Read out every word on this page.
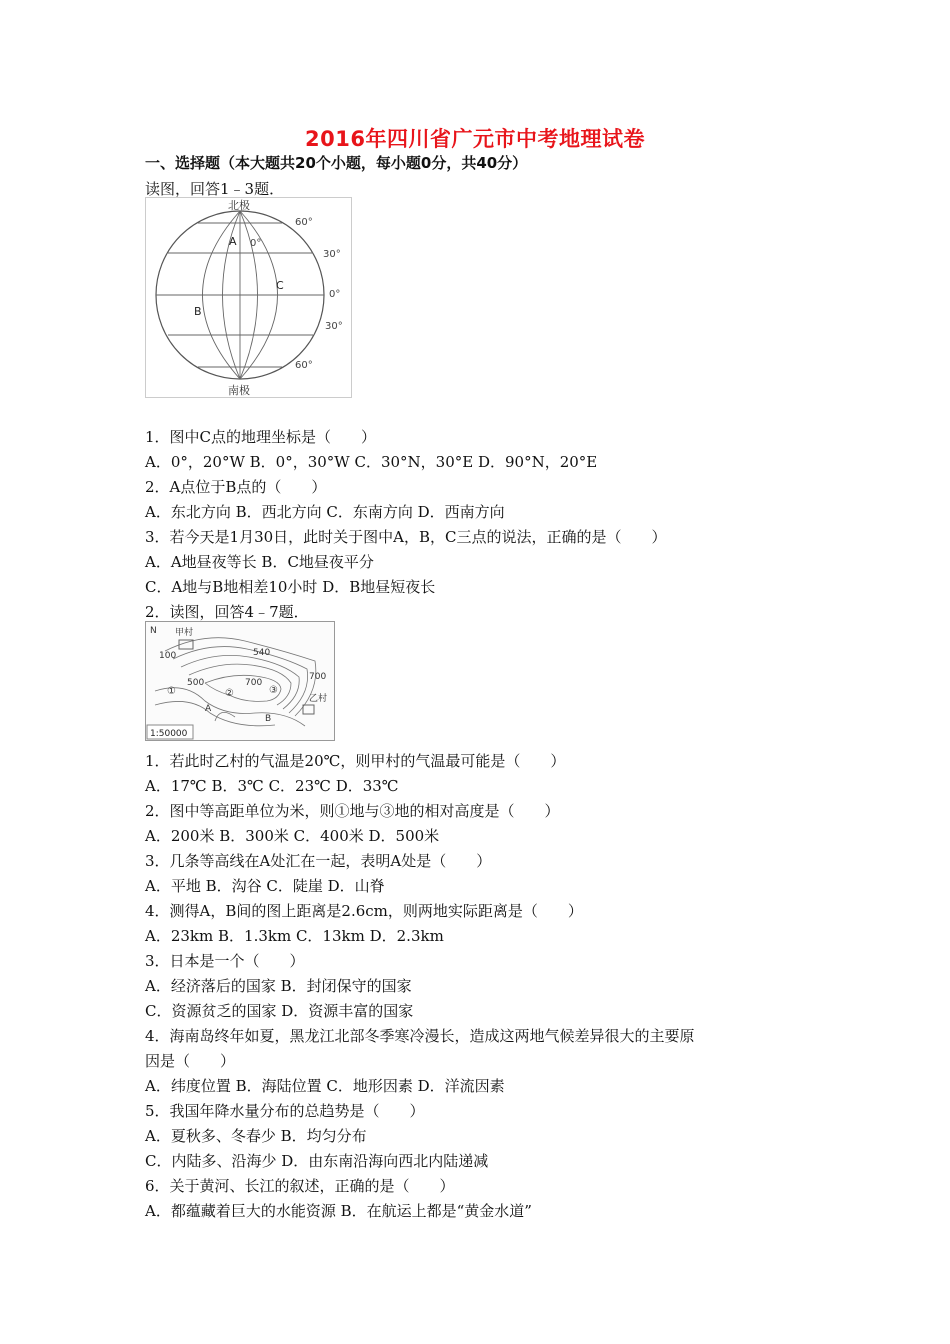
2016年四川省广元市中考地理试卷
一、选择题（本大题共20个小题，每小题0分，共40分）
读图，回答1﹣3题．
北极
南极
60°
30°
0°
30°
60°
0°
A
B
C
1．图中C点的地理坐标是（　　）
A．0°，20°W B．0°，30°W C．30°N，30°E D．90°N，20°E
2．A点位于B点的（　　）
A．东北方向 B．西北方向 C．东南方向 D．西南方向
3．若今天是1月30日，此时关于图中A，B，C三点的说法，正确的是（　　）
A．A地昼夜等长 B．C地昼夜平分
C．A地与B地相差10小时 D．B地昼短夜长
2．读图，回答4﹣7题．
N 甲村
乙村
100
500
540
700
700
①	②	③
A
B
1:50000
1．若此时乙村的气温是20℃，则甲村的气温最可能是（　　）
A．17℃ B．3℃ C．23℃ D．33℃
2．图中等高距单位为米，则①地与③地的相对高度是（　　）
A．200米 B．300米 C．400米 D．500米
3．几条等高线在A处汇在一起，表明A处是（　　）
A．平地 B．沟谷 C．陡崖 D．山脊
4．测得A，B间的图上距离是2.6cm，则两地实际距离是（　　）
A．23km B．1.3km C．13km D．2.3km
3．日本是一个（　　）
A．经济落后的国家 B．封闭保守的国家
C．资源贫乏的国家 D．资源丰富的国家
4．海南岛终年如夏，黑龙江北部冬季寒冷漫长，造成这两地气候差异很大的主要原
因是（　　）
A．纬度位置 B．海陆位置 C．地形因素 D．洋流因素
5．我国年降水量分布的总趋势是（　　）
A．夏秋多、冬春少 B．均匀分布
C．内陆多、沿海少 D．由东南沿海向西北内陆递减
6．关于黄河、长江的叙述，正确的是（　　）
A．都蕴藏着巨大的水能资源 B．在航运上都是“黄金水道”
